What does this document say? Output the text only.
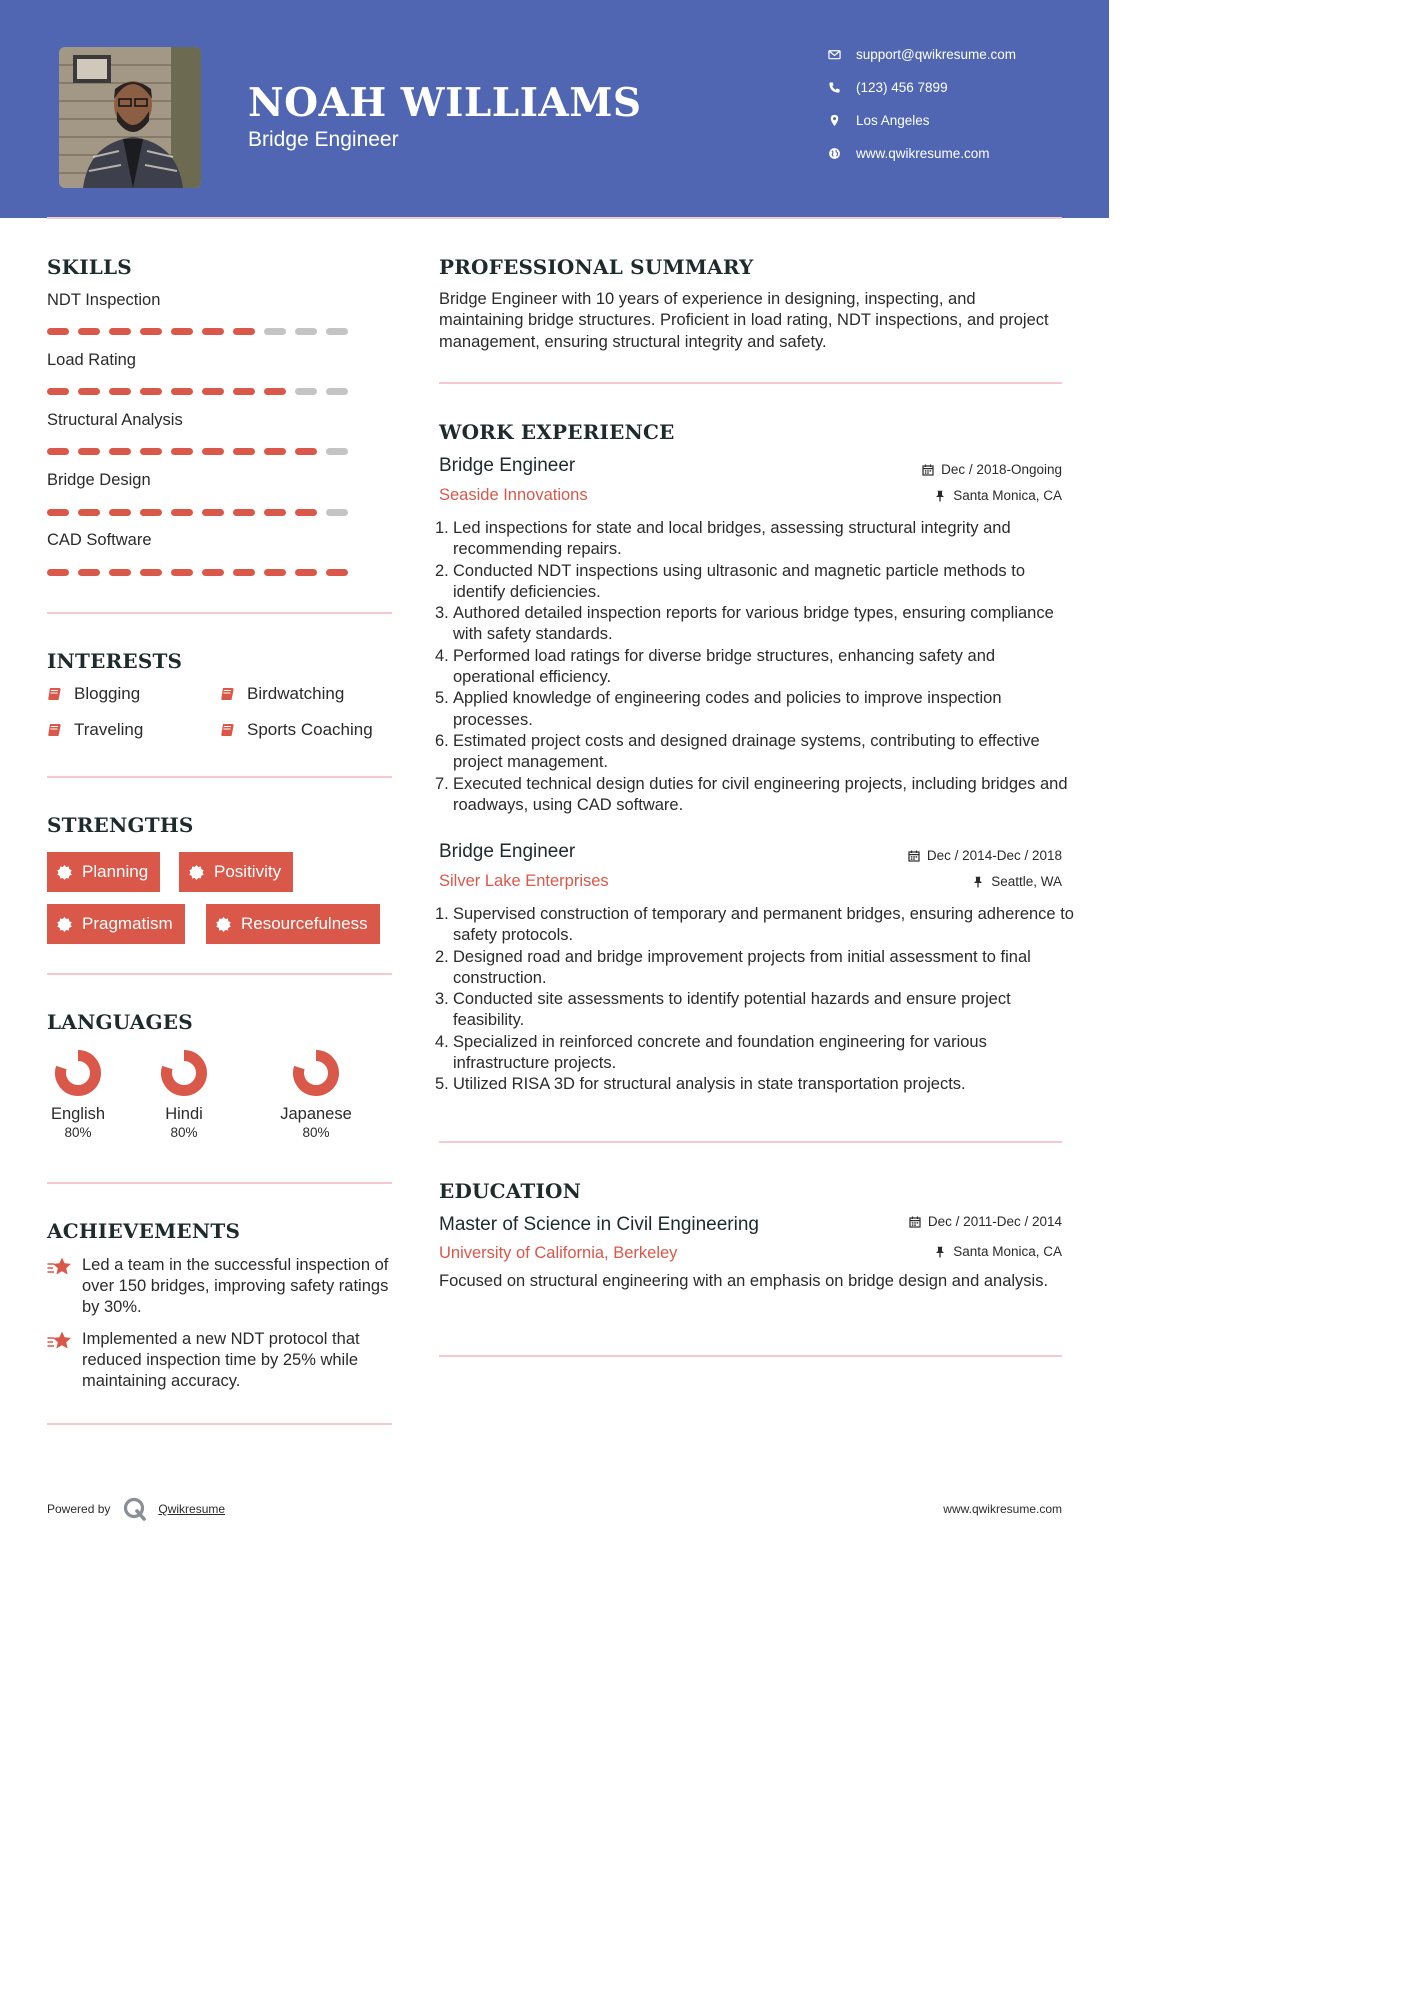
NOAH WILLIAMS
Bridge Engineer
support@qwikresume.com
(123) 456 7899
Los Angeles
www.qwikresume.com
SKILLS
NDT Inspection
Load Rating
Structural Analysis
Bridge Design
CAD Software
INTERESTS
Blogging	Birdwatching
Traveling	Sports Coaching
STRENGTHS
Planning	Positivity
Pragmatism	Resourcefulness
LANGUAGES
English
80%
Hindi
80%
Japanese
80%
ACHIEVEMENTS
Led a team in the successful inspection of over 150 bridges, improving safety ratings by 30%.
Implemented a new NDT protocol that reduced inspection time by 25% while maintaining accuracy.
PROFESSIONAL SUMMARY
Bridge Engineer with 10 years of experience in designing, inspecting, and maintaining bridge structures. Proficient in load rating, NDT inspections, and project management, ensuring structural integrity and safety.
WORK EXPERIENCE
Bridge Engineer	Dec / 2018-Ongoing
Seaside Innovations	Santa Monica, CA
1. Led inspections for state and local bridges, assessing structural integrity and recommending repairs.
2. Conducted NDT inspections using ultrasonic and magnetic particle methods to identify deficiencies.
3. Authored detailed inspection reports for various bridge types, ensuring compliance with safety standards.
4. Performed load ratings for diverse bridge structures, enhancing safety and operational efficiency.
5. Applied knowledge of engineering codes and policies to improve inspection processes.
6. Estimated project costs and designed drainage systems, contributing to effective project management.
7. Executed technical design duties for civil engineering projects, including bridges and roadways, using CAD software.
Bridge Engineer	Dec / 2014-Dec / 2018
Silver Lake Enterprises	Seattle, WA
1. Supervised construction of temporary and permanent bridges, ensuring adherence to safety protocols.
2. Designed road and bridge improvement projects from initial assessment to final construction.
3. Conducted site assessments to identify potential hazards and ensure project feasibility.
4. Specialized in reinforced concrete and foundation engineering for various infrastructure projects.
5. Utilized RISA 3D for structural analysis in state transportation projects.
EDUCATION
Master of Science in Civil Engineering	Dec / 2011-Dec / 2014
University of California, Berkeley	Santa Monica, CA
Focused on structural engineering with an emphasis on bridge design and analysis.
Powered by	Qwikresume	www.qwikresume.com
